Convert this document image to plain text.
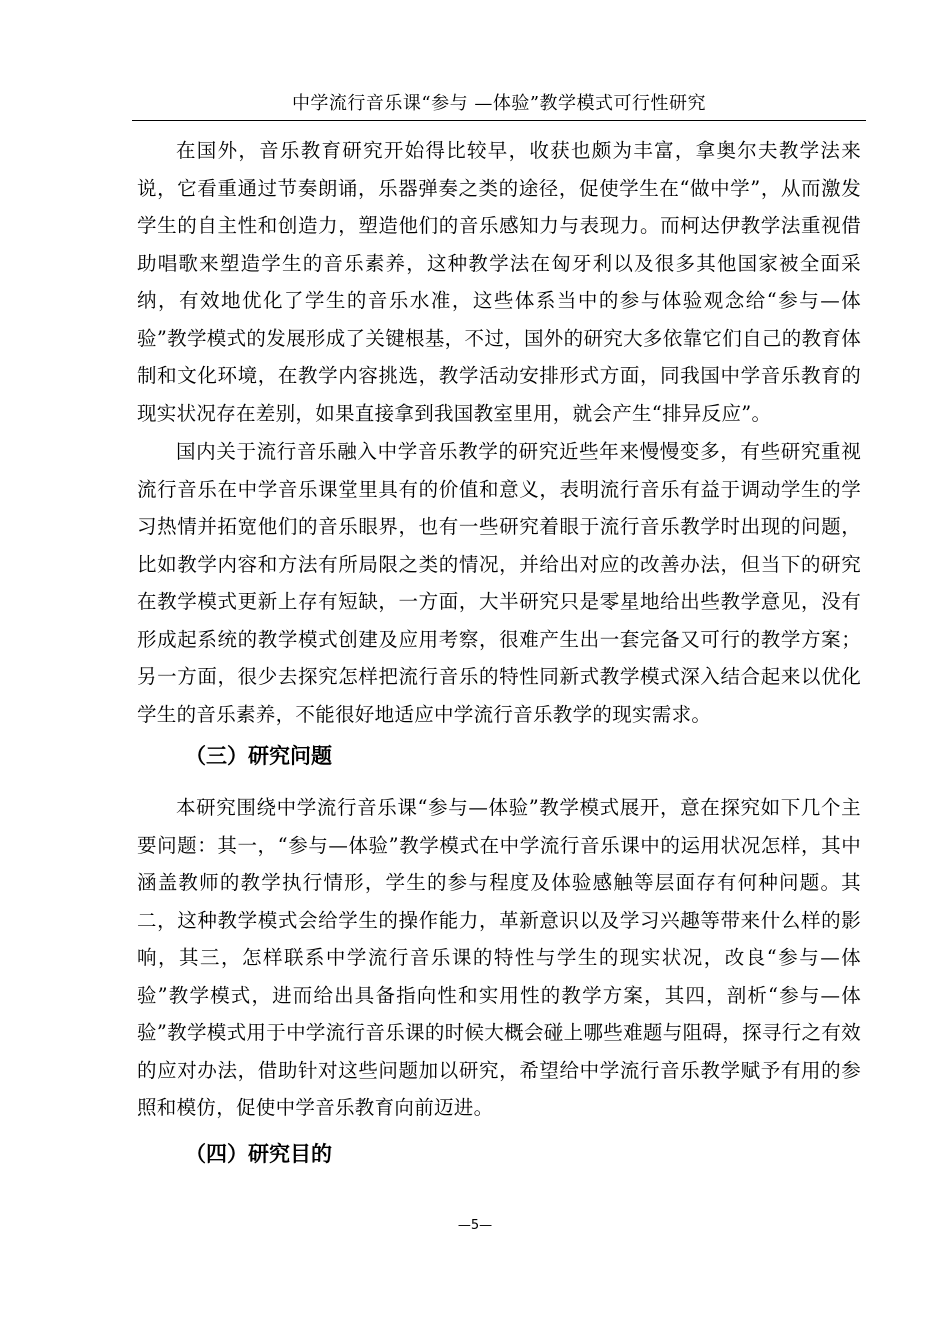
中学流行音乐课“参与 —体验”教学模式可行性研究

在国外，音乐教育研究开始得比较早，收获也颇为丰富，拿奥尔夫教学法来说，它看重通过节奏朗诵，乐器弹奏之类的途径，促使学生在“做中学”，从而激发学生的自主性和创造力，塑造他们的音乐感知力与表现力。而柯达伊教学法重视借助唱歌来塑造学生的音乐素养，这种教学法在匈牙利以及很多其他国家被全面采纳，有效地优化了学生的音乐水准，这些体系当中的参与体验观念给“参与—体验”教学模式的发展形成了关键根基，不过，国外的研究大多依靠它们自己的教育体制和文化环境，在教学内容挑选，教学活动安排形式方面，同我国中学音乐教育的现实状况存在差别，如果直接拿到我国教室里用，就会产生“排异反应”。

国内关于流行音乐融入中学音乐教学的研究近些年来慢慢变多，有些研究重视流行音乐在中学音乐课堂里具有的价值和意义，表明流行音乐有益于调动学生的学习热情并拓宽他们的音乐眼界，也有一些研究着眼于流行音乐教学时出现的问题，比如教学内容和方法有所局限之类的情况，并给出对应的改善办法，但当下的研究在教学模式更新上存有短缺，一方面，大半研究只是零星地给出些教学意见，没有形成起系统的教学模式创建及应用考察，很难产生出一套完备又可行的教学方案；另一方面，很少去探究怎样把流行音乐的特性同新式教学模式深入结合起来以优化学生的音乐素养，不能很好地适应中学流行音乐教学的现实需求。

（三）研究问题

本研究围绕中学流行音乐课“参与—体验”教学模式展开，意在探究如下几个主要问题：其一，“参与—体验”教学模式在中学流行音乐课中的运用状况怎样，其中涵盖教师的教学执行情形，学生的参与程度及体验感触等层面存有何种问题。其二，这种教学模式会给学生的操作能力，革新意识以及学习兴趣等带来什么样的影响，其三，怎样联系中学流行音乐课的特性与学生的现实状况，改良“参与—体验”教学模式，进而给出具备指向性和实用性的教学方案，其四，剖析“参与—体验”教学模式用于中学流行音乐课的时候大概会碰上哪些难题与阻碍，探寻行之有效的应对办法，借助针对这些问题加以研究，希望给中学流行音乐教学赋予有用的参照和模仿，促使中学音乐教育向前迈进。

（四）研究目的
—5—
